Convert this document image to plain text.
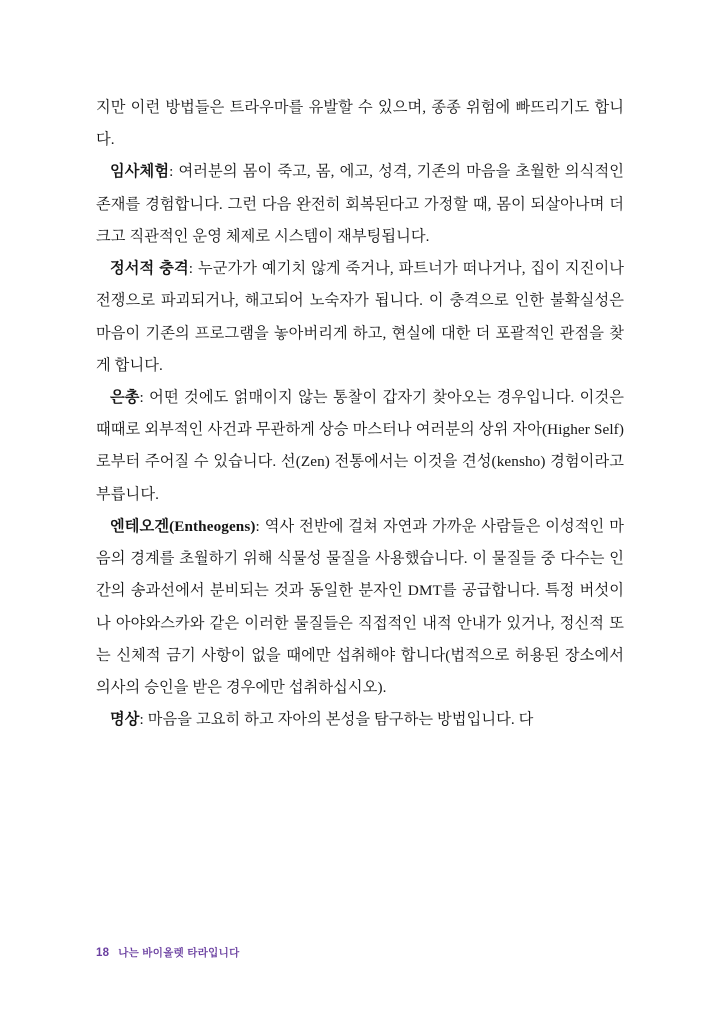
지만 이런 방법들은 트라우마를 유발할 수 있으며, 종종 위험에 빠뜨리기도 합니다.

임사체험: 여러분의 몸이 죽고, 몸, 에고, 성격, 기존의 마음을 초월한 의식적인 존재를 경험합니다. 그런 다음 완전히 회복된다고 가정할 때, 몸이 되살아나며 더 크고 직관적인 운영 체제로 시스템이 재부팅됩니다.

정서적 충격: 누군가가 예기치 않게 죽거나, 파트너가 떠나거나, 집이 지진이나 전쟁으로 파괴되거나, 해고되어 노숙자가 됩니다. 이 충격으로 인한 불확실성은 마음이 기존의 프로그램을 놓아버리게 하고, 현실에 대한 더 포괄적인 관점을 찾게 합니다.

은총: 어떤 것에도 얽매이지 않는 통찰이 갑자기 찾아오는 경우입니다. 이것은 때때로 외부적인 사건과 무관하게 상승 마스터나 여러분의 상위 자아(Higher Self)로부터 주어질 수 있습니다. 선(Zen) 전통에서는 이것을 견성(kensho) 경험이라고 부릅니다.

엔테오겐(Entheogens): 역사 전반에 걸쳐 자연과 가까운 사람들은 이성적인 마음의 경계를 초월하기 위해 식물성 물질을 사용했습니다. 이 물질들 중 다수는 인간의 송과선에서 분비되는 것과 동일한 분자인 DMT를 공급합니다. 특정 버섯이나 아야와스카와 같은 이러한 물질들은 직접적인 내적 안내가 있거나, 정신적 또는 신체적 금기 사항이 없을 때에만 섭취해야 합니다(법적으로 허용된 장소에서 의사의 승인을 받은 경우에만 섭취하십시오).

명상: 마음을 고요히 하고 자아의 본성을 탐구하는 방법입니다. 다

18 나는 바이올렛 타라입니다
